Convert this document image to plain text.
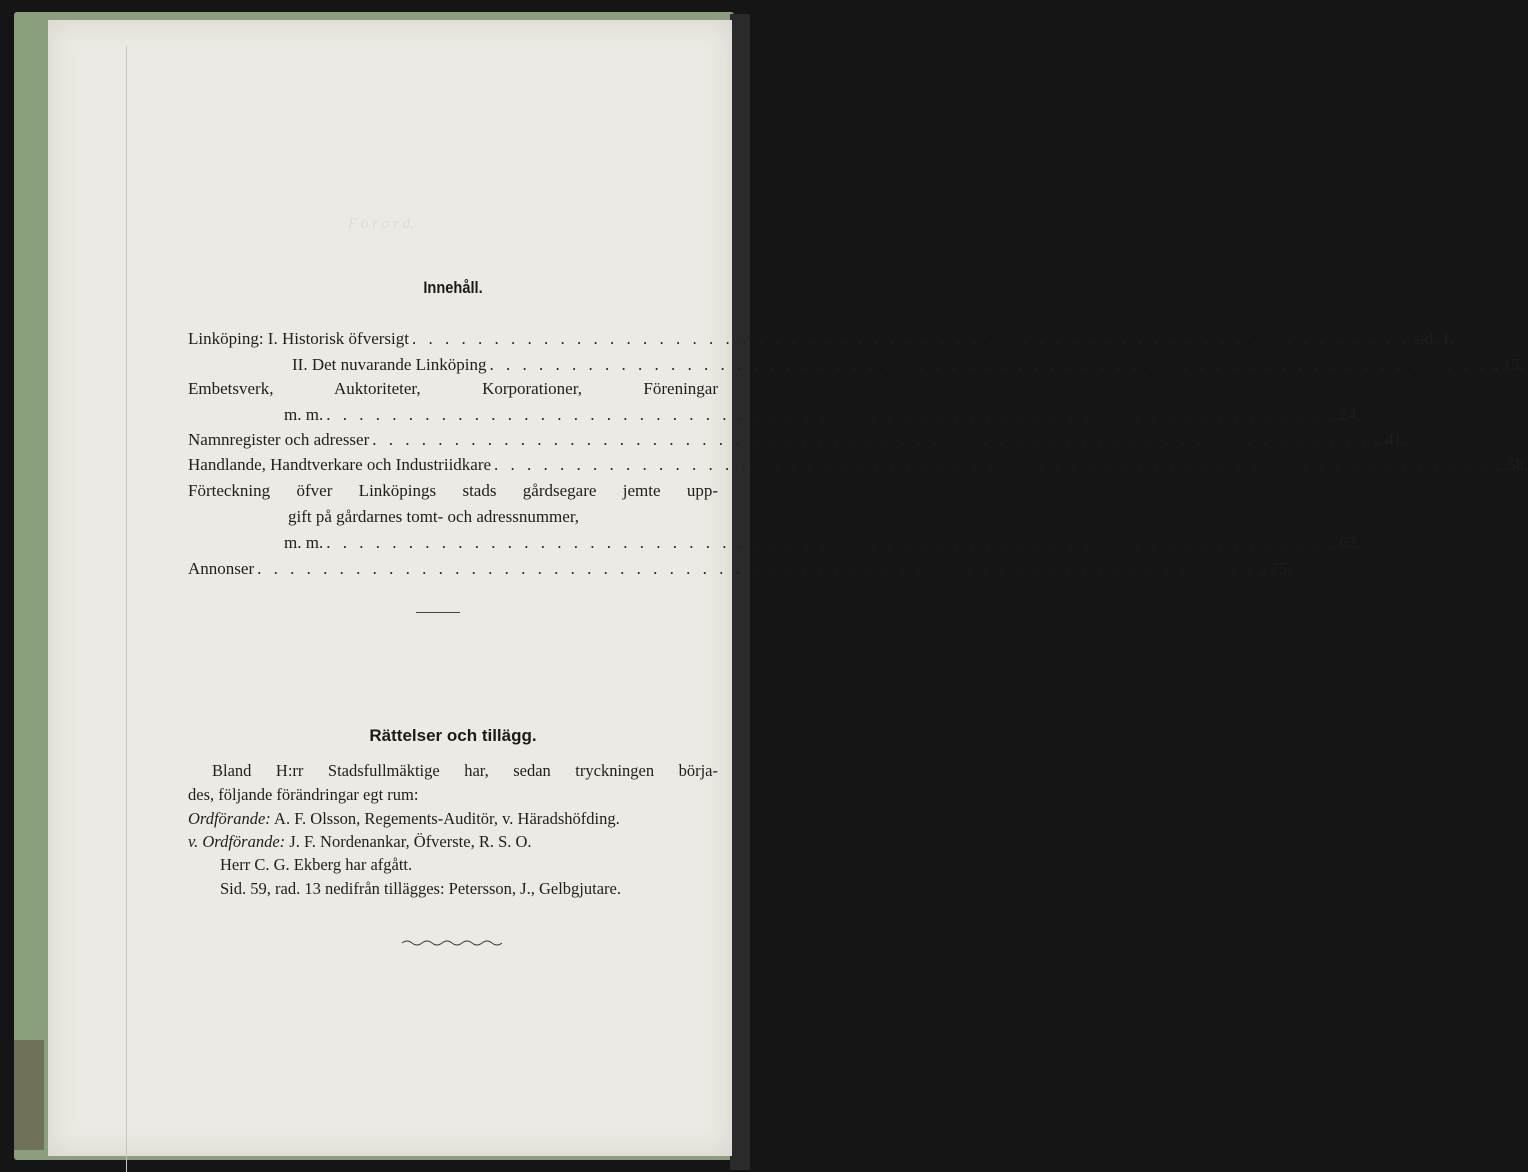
F ö r o r d.
Innehåll.
Linköping: I. Historisk öfversigt . . .	sid. 1.
II. Det nuvarande Linköping . . .	„ 15.
Embetsverk, Auktoriteter, Korporationer, Föreningar
m. m. . . .	„ 24.
Namnregister och adresser . . .	„ 41.
Handlande, Handtverkare och Industriidkare . . .	„ 58.
Förteckning öfver Linköpings stads gårdsegare jemte upp-
gift på gårdarnes tomt- och adressnummer,
m. m. . . .	„ 62.
Annonser . . .	„ 75.
Rättelser och tillägg.
Bland H:rr Stadsfullmäktige har, sedan tryckningen börja-
des, följande förändringar egt rum:
Ordförande: A. F. Olsson, Regements-Auditör, v. Häradshöfding.
v. Ordförande: J. F. Nordenankar, Öfverste, R. S. O.
Herr C. G. Ekberg har afgått.
Sid. 59, rad. 13 nedifrån tillägges: Petersson, J., Gelbgjutare.
